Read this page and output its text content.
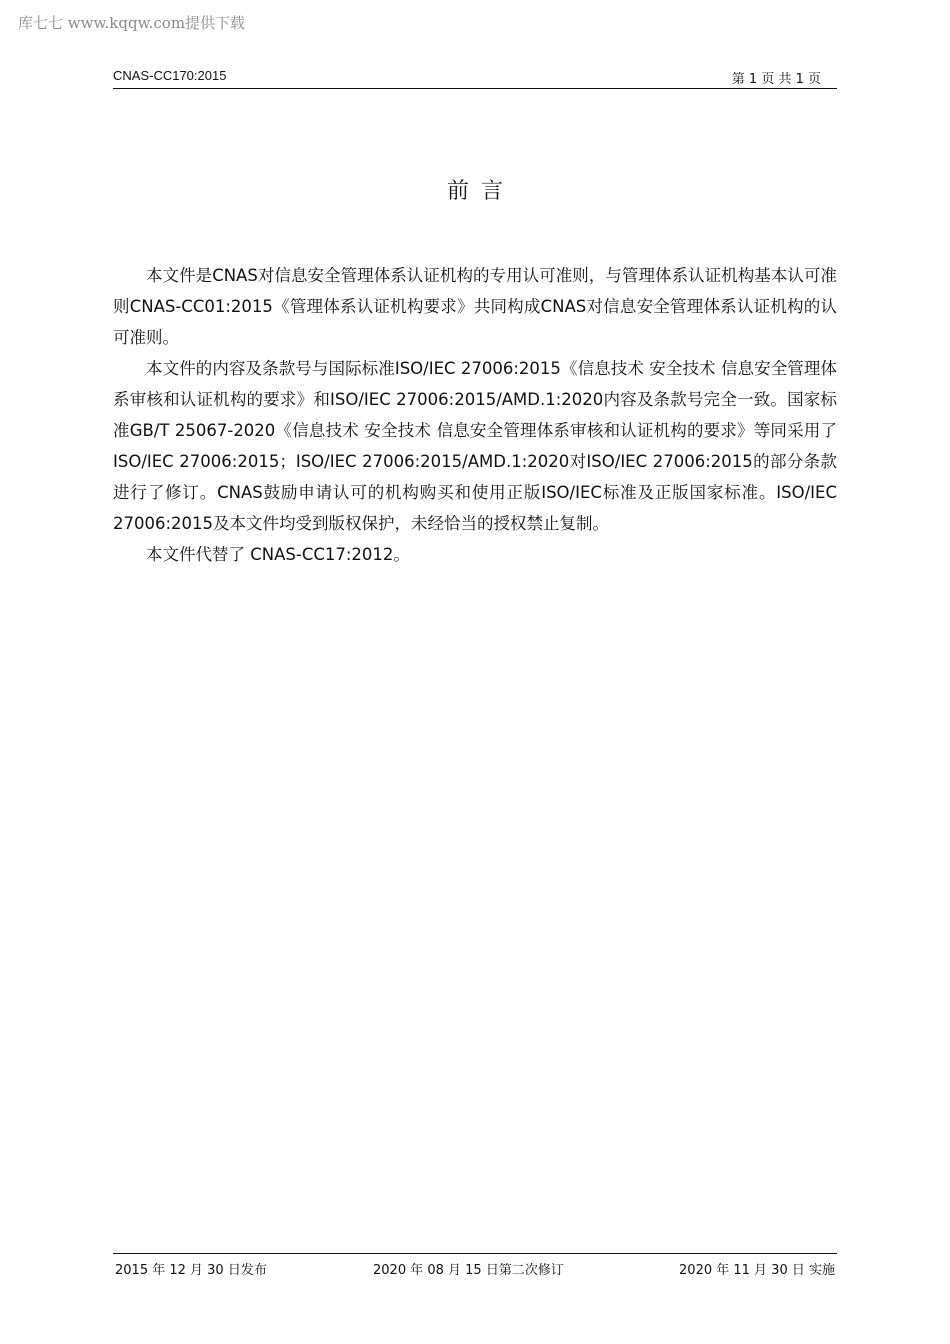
库七七 www.kqqw.com提供下载
CNAS-CC170:2015	第 1 页 共 1 页
前言

本文件是CNAS对信息安全管理体系认证机构的专用认可准则，与管理体系认证机构基本认可准则CNAS-CC01:2015《管理体系认证机构要求》共同构成CNAS对信息安全管理体系认证机构的认可准则。

本文件的内容及条款号与国际标准ISO/IEC 27006:2015《信息技术 安全技术 信息安全管理体系审核和认证机构的要求》和ISO/IEC 27006:2015/AMD.1:2020内容及条款号完全一致。国家标准GB/T 25067-2020《信息技术 安全技术 信息安全管理体系审核和认证机构的要求》等同采用了ISO/IEC 27006:2015；ISO/IEC 27006:2015/AMD.1:2020对ISO/IEC 27006:2015的部分条款进行了修订。CNAS鼓励申请认可的机构购买和使用正版ISO/IEC标准及正版国家标准。ISO/IEC 27006:2015及本文件均受到版权保护，未经恰当的授权禁止复制。

本文件代替了 CNAS-CC17:2012。

2015 年 12 月 30 日发布	2020 年 08 月 15 日第二次修订	2020 年 11 月 30 日 实施
